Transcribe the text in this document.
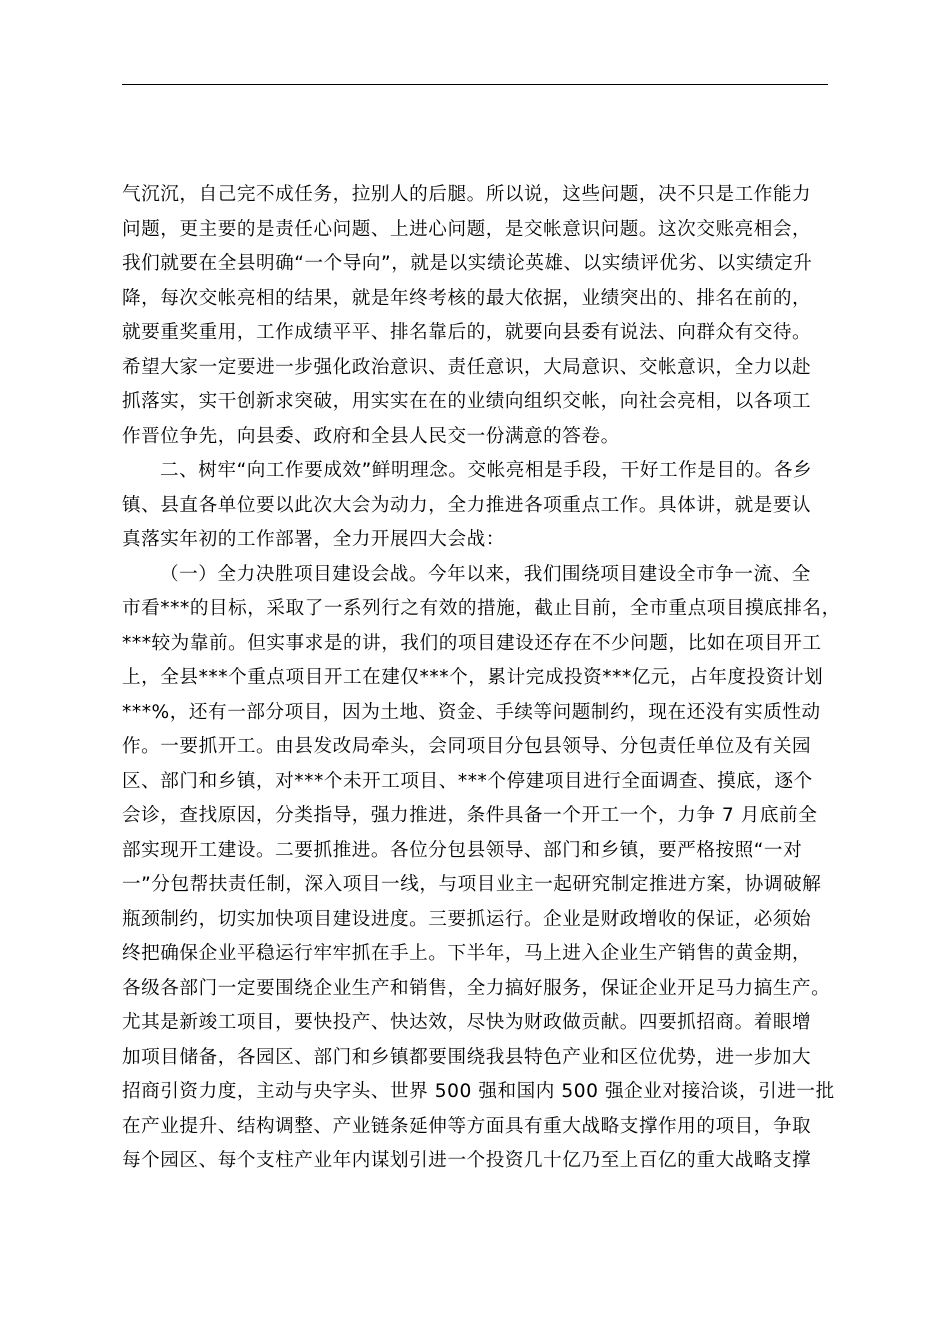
气沉沉，自己完不成任务，拉别人的后腿。所以说，这些问题，决不只是工作能力
问题，更主要的是责任心问题、上进心问题，是交帐意识问题。这次交账亮相会，
我们就要在全县明确“一个导向”，就是以实绩论英雄、以实绩评优劣、以实绩定升
降，每次交帐亮相的结果，就是年终考核的最大依据，业绩突出的、排名在前的，
就要重奖重用，工作成绩平平、排名靠后的，就要向县委有说法、向群众有交待。
希望大家一定要进一步强化政治意识、责任意识，大局意识、交帐意识，全力以赴
抓落实，实干创新求突破，用实实在在的业绩向组织交帐，向社会亮相，以各项工
作晋位争先，向县委、政府和全县人民交一份满意的答卷。
二、树牢“向工作要成效”鲜明理念。交帐亮相是手段，干好工作是目的。各乡
镇、县直各单位要以此次大会为动力，全力推进各项重点工作。具体讲，就是要认
真落实年初的工作部署，全力开展四大会战：
（一）全力决胜项目建设会战。今年以来，我们围绕项目建设全市争一流、全
市看***的目标，采取了一系列行之有效的措施，截止目前，全市重点项目摸底排名，
***较为靠前。但实事求是的讲，我们的项目建设还存在不少问题，比如在项目开工
上，全县***个重点项目开工在建仅***个，累计完成投资***亿元，占年度投资计划
***%，还有一部分项目，因为土地、资金、手续等问题制约，现在还没有实质性动
作。一要抓开工。由县发改局牵头，会同项目分包县领导、分包责任单位及有关园
区、部门和乡镇，对***个未开工项目、***个停建项目进行全面调查、摸底，逐个
会诊，查找原因，分类指导，强力推进，条件具备一个开工一个，力争 7 月底前全
部实现开工建设。二要抓推进。各位分包县领导、部门和乡镇，要严格按照“一对
一”分包帮扶责任制，深入项目一线，与项目业主一起研究制定推进方案，协调破解
瓶颈制约，切实加快项目建设进度。三要抓运行。企业是财政增收的保证，必须始
终把确保企业平稳运行牢牢抓在手上。下半年，马上进入企业生产销售的黄金期，
各级各部门一定要围绕企业生产和销售，全力搞好服务，保证企业开足马力搞生产。
尤其是新竣工项目，要快投产、快达效，尽快为财政做贡献。四要抓招商。着眼增
加项目储备，各园区、部门和乡镇都要围绕我县特色产业和区位优势，进一步加大
招商引资力度，主动与央字头、世界 500 强和国内 500 强企业对接洽谈，引进一批
在产业提升、结构调整、产业链条延伸等方面具有重大战略支撑作用的项目，争取
每个园区、每个支柱产业年内谋划引进一个投资几十亿乃至上百亿的重大战略支撑
